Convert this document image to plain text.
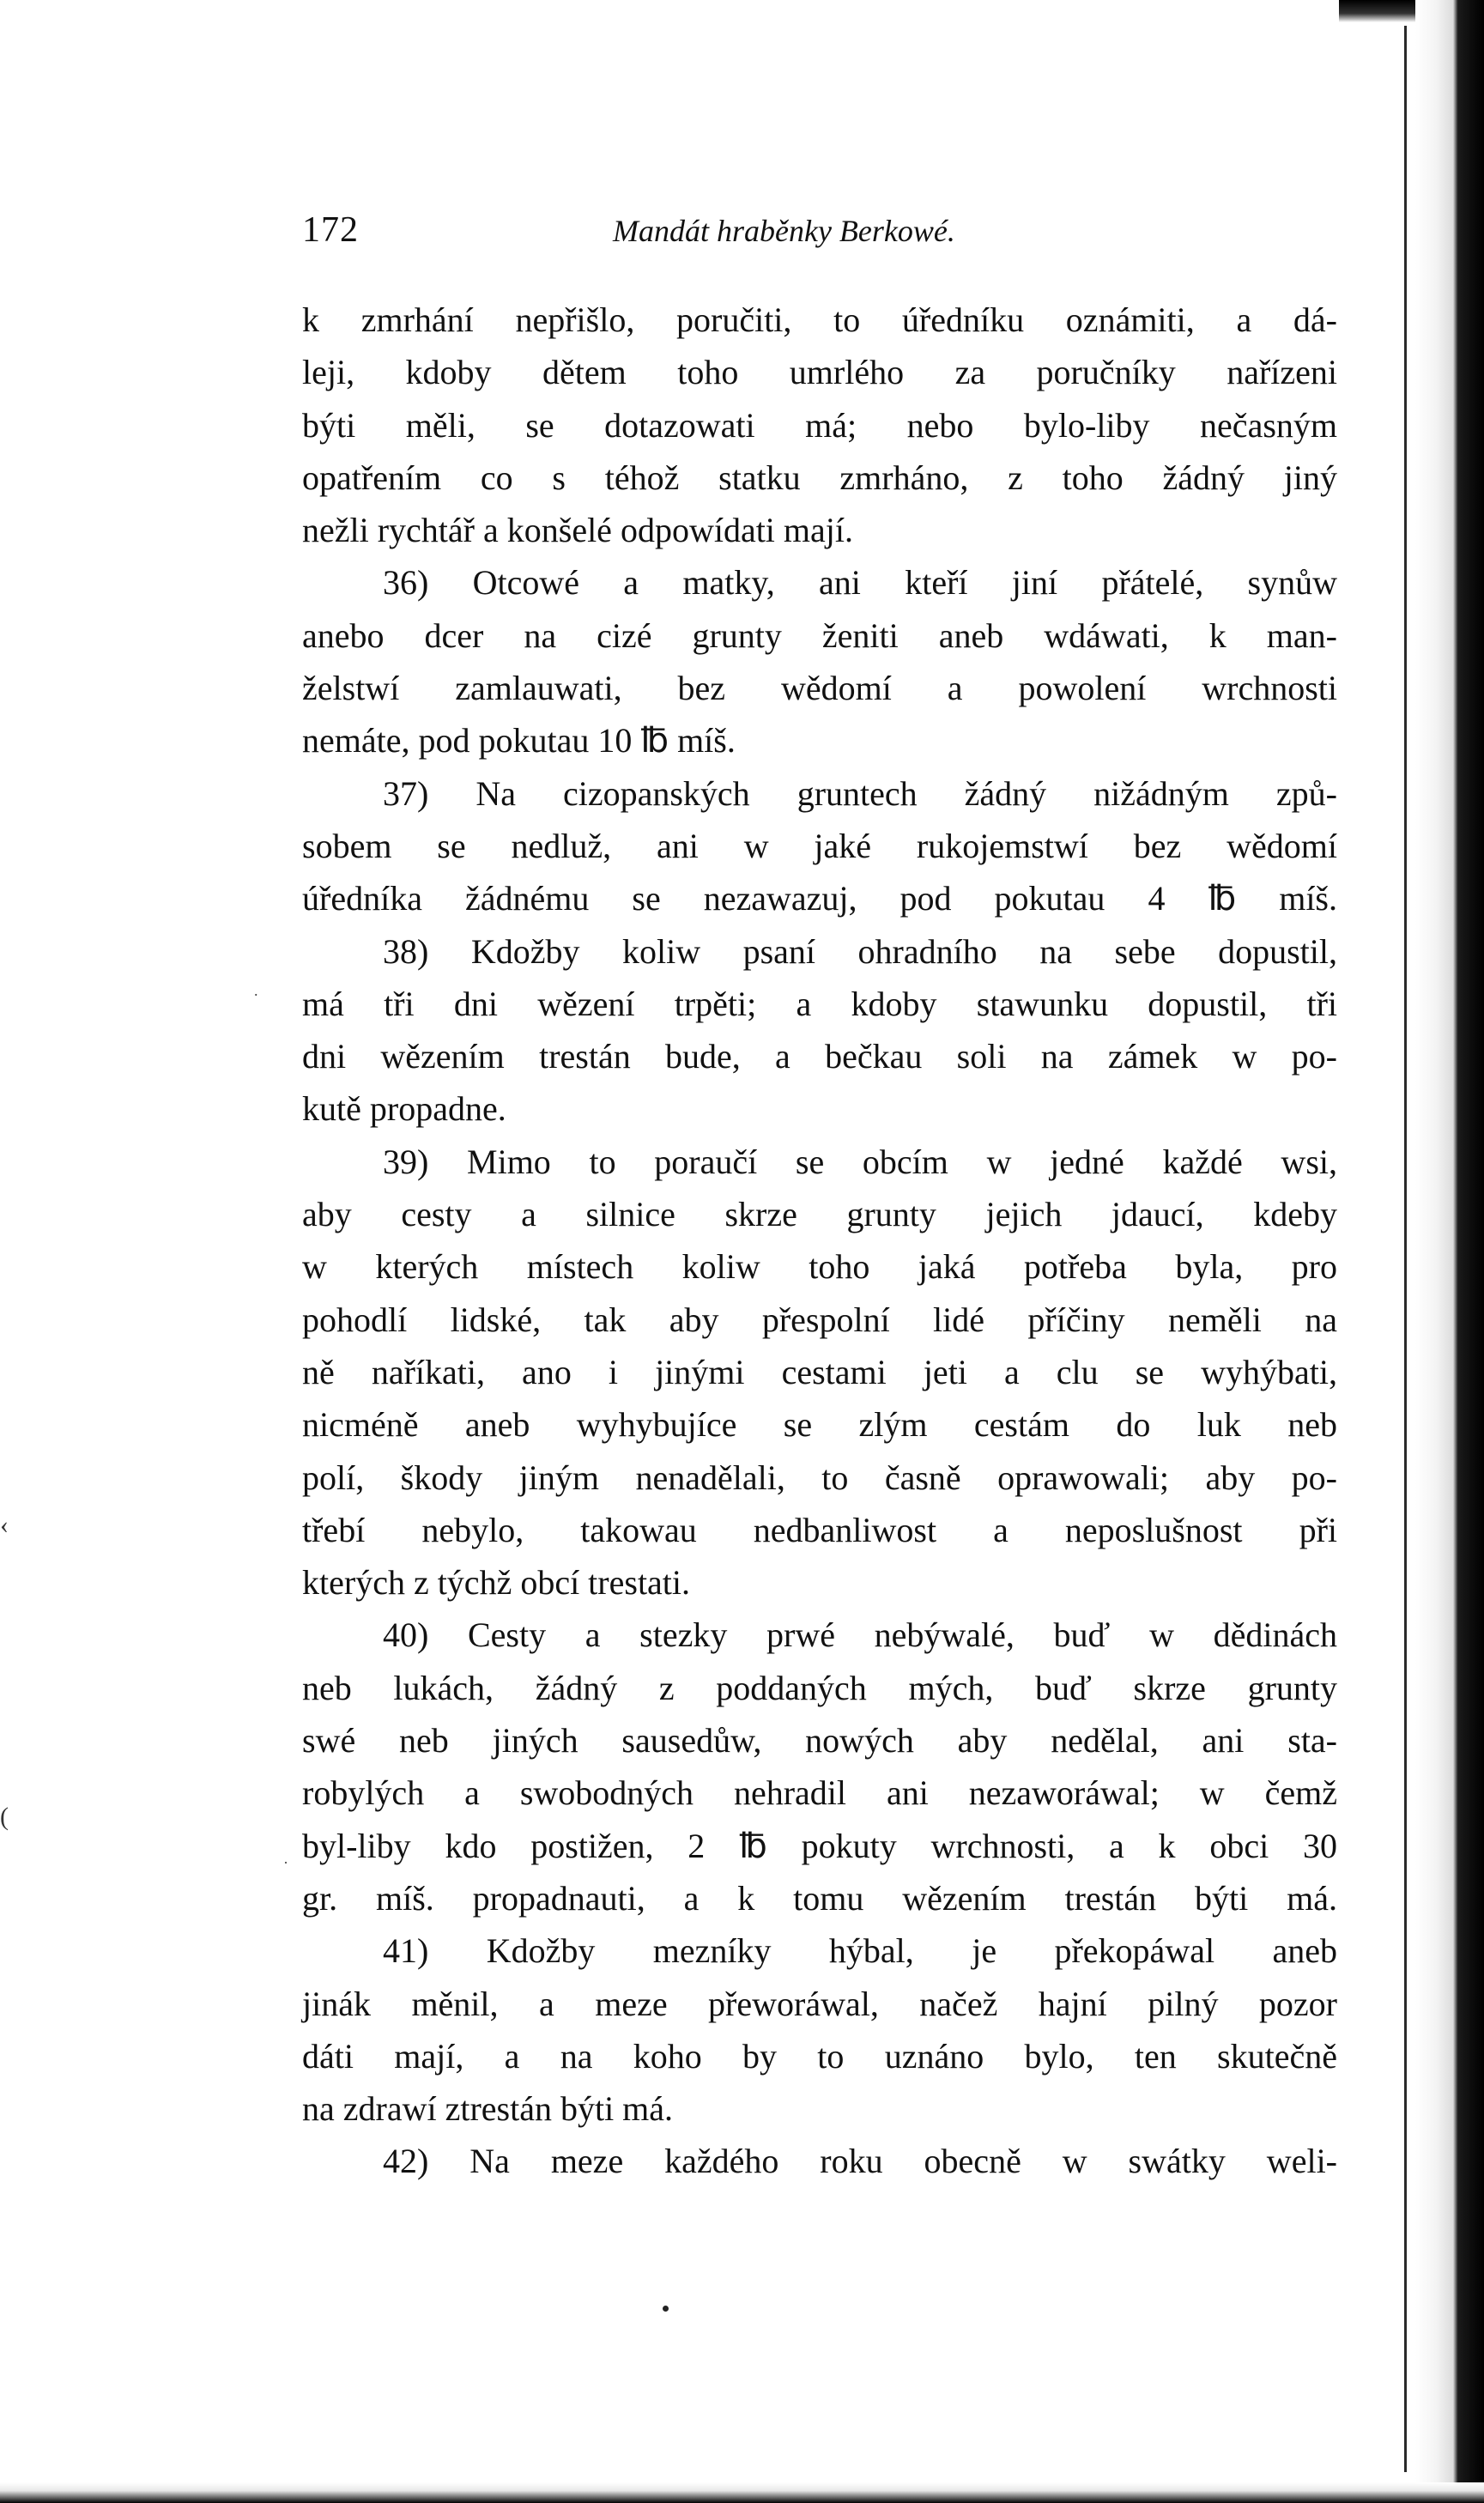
172	Mandát hraběnky Berkowé.
k zmrhání nepřišlo, poručiti, to úředníku oznámiti, a dá-
leji, kdoby dětem toho umrlého za poručníky nařízeni
býti měli, se dotazowati má; nebo bylo-liby nečasným
opatřením co s téhož statku zmrháno, z toho žádný jiný
nežli rychtář a konšelé odpowídati mají.
36) Otcowé a matky, ani kteří jiní přátelé, synůw
anebo dcer na cizé grunty ženiti aneb wdáwati, k man-
želstwí zamlauwati, bez wědomí a powolení wrchnosti
nemáte, pod pokutau 10 ℔ míš.
37) Na cizopanských gruntech žádný nižádným způ-
sobem se nedluž, ani w jaké rukojemstwí bez wědomí
úředníka žádnému se nezawazuj, pod pokutau 4 ℔ míš.
38) Kdožby koliw psaní ohradního na sebe dopustil,
má tři dni wězení trpěti; a kdoby stawunku dopustil, tři
dni wězením trestán bude, a bečkau soli na zámek w po-
kutě propadne.
39) Mimo to poraučí se obcím w jedné každé wsi,
aby cesty a silnice skrze grunty jejich jdaucí, kdeby
w kterých místech koliw toho jaká potřeba byla, pro
pohodlí lidské, tak aby přespolní lidé příčiny neměli na
ně naříkati, ano i jinými cestami jeti a clu se wyhýbati,
nicméně aneb wyhybujíce se zlým cestám do luk neb
polí, škody jiným nenadělali, to časně oprawowali; aby po-
třebí nebylo, takowau nedbanliwost a neposlušnost při
kterých z týchž obcí trestati.
40) Cesty a stezky prwé nebýwalé, buď w dědinách
neb lukách, žádný z poddaných mých, buď skrze grunty
swé neb jiných sausedůw, nowých aby nedělal, ani sta-
robylých a swobodných nehradil ani nezaworáwal; w čemž
byl-liby kdo postižen, 2 ℔ pokuty wrchnosti, a k obci 30
gr. míš. propadnauti, a k tomu wězením trestán býti má.
41) Kdožby mezníky hýbal, je překopáwal aneb
jinák měnil, a meze přeworáwal, načež hajní pilný pozor
dáti mají, a na koho by to uznáno bylo, ten skutečně
na zdrawí ztrestán býti má.
42) Na meze každého roku obecně w swátky weli-
.
·
‹
(
